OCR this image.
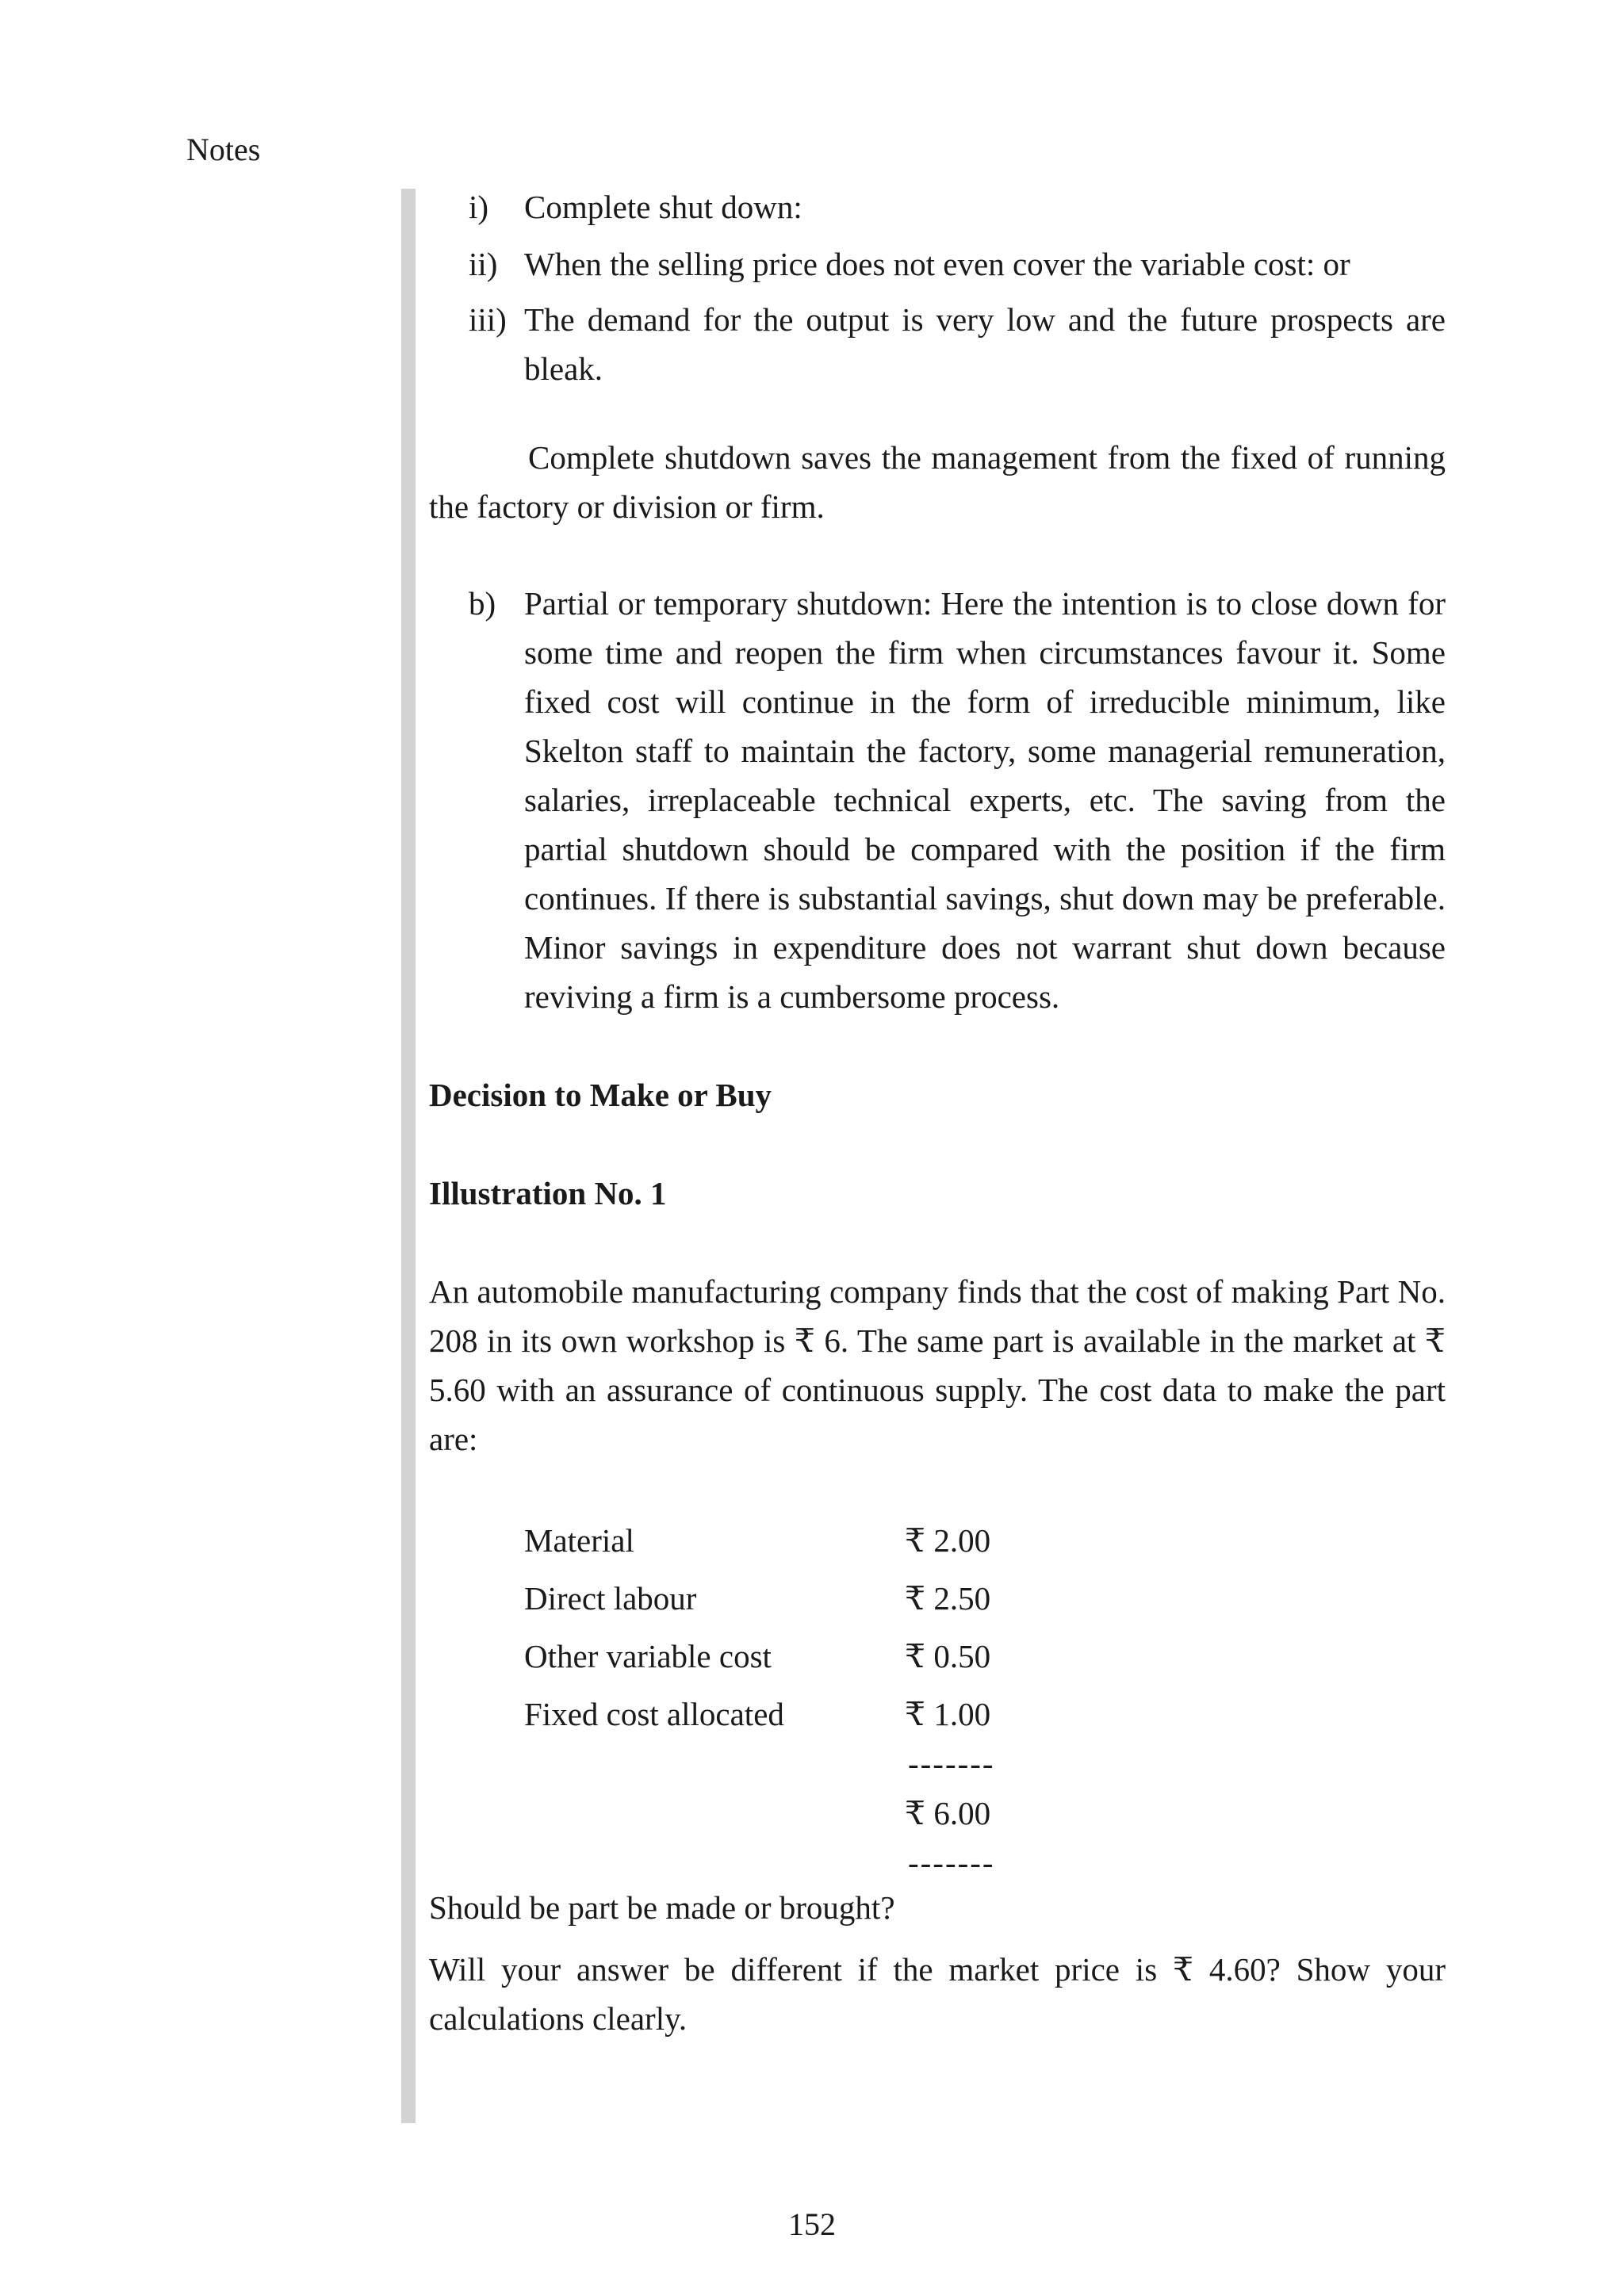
Notes
i) Complete shut down:
ii) When the selling price does not even cover the variable cost: or
iii) The demand for the output is very low and the future prospects are bleak.

Complete shutdown saves the management from the fixed of running the factory or division or firm.

b) Partial or temporary shutdown: Here the intention is to close down for some time and reopen the firm when circumstances favour it. Some fixed cost will continue in the form of irreducible minimum, like Skelton staff to maintain the factory, some managerial remuneration, salaries, irreplaceable technical experts, etc. The saving from the partial shutdown should be compared with the position if the firm continues. If there is substantial savings, shut down may be preferable. Minor savings in expenditure does not warrant shut down because reviving a firm is a cumbersome process.
Decision to Make or Buy
Illustration No. 1

An automobile manufacturing company finds that the cost of making Part No. 208 in its own workshop is ₹ 6. The same part is available in the market at ₹ 5.60 with an assurance of continuous supply. The cost data to make the part are:

Material	₹ 2.00
Direct labour	₹ 2.50
Other variable cost	₹ 0.50
Fixed cost allocated	₹ 1.00
-------
₹ 6.00
-------

Should be part be made or brought?

Will your answer be different if the market price is ₹ 4.60? Show your calculations clearly.

152
